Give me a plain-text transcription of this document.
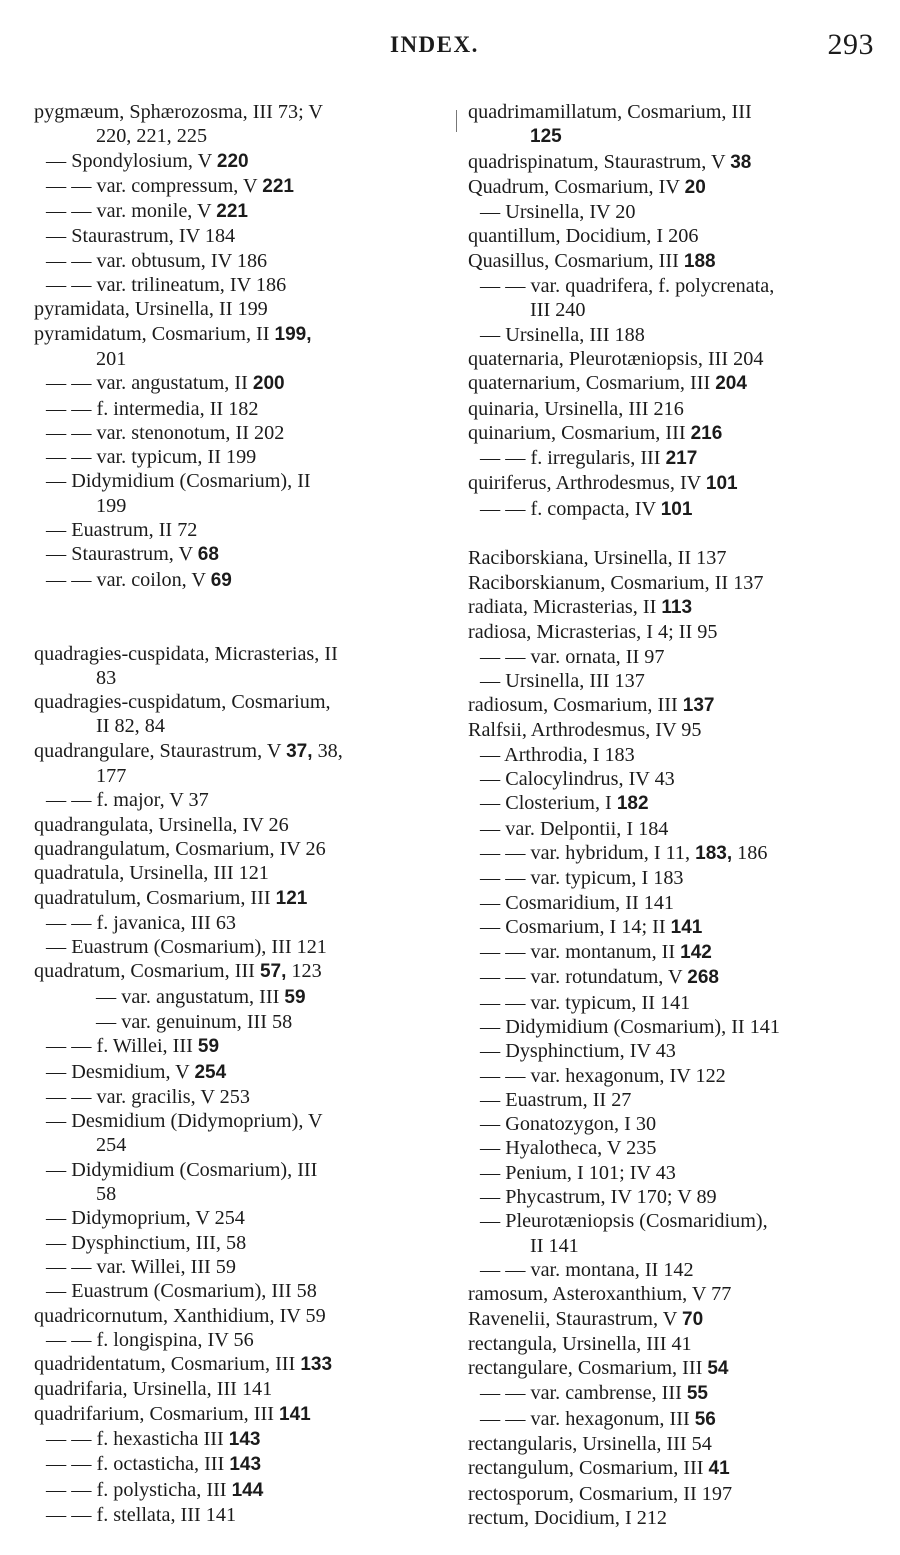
INDEX.	293

pygmæum, Sphærozosma, III 73; V

220, 221, 225

— Spondylosium, V 220

— — var. compressum, V 221

— — var. monile, V 221

— Staurastrum, IV 184

— — var. obtusum, IV 186

— — var. trilineatum, IV 186

pyramidata, Ursinella, II 199

pyramidatum, Cosmarium, II 199,

201

— — var. angustatum, II 200

— — f. intermedia, II 182

— — var. stenonotum, II 202

— — var. typicum, II 199

— Didymidium (Cosmarium), II

199

— Euastrum, II 72

— Staurastrum, V 68

— — var. coilon, V 69

quadragies-cuspidata, Micrasterias, II

83

quadragies-cuspidatum, Cosmarium,

II 82, 84

quadrangulare, Staurastrum, V 37, 38,

177

— — f. major, V 37

quadrangulata, Ursinella, IV 26

quadrangulatum, Cosmarium, IV 26

quadratula, Ursinella, III 121

quadratulum, Cosmarium, III 121

— — f. javanica, III 63

— Euastrum (Cosmarium), III 121

quadratum, Cosmarium, III 57, 123

— var. angustatum, III 59

— var. genuinum, III 58

— — f. Willei, III 59

— Desmidium, V 254

— — var. gracilis, V 253

— Desmidium (Didymoprium), V

254

— Didymidium (Cosmarium), III

58

— Didymoprium, V 254

— Dysphinctium, III, 58

— — var. Willei, III 59

— Euastrum (Cosmarium), III 58

quadricornutum, Xanthidium, IV 59

— — f. longispina, IV 56

quadridentatum, Cosmarium, III 133

quadrifaria, Ursinella, III 141

quadrifarium, Cosmarium, III 141

— — f. hexasticha III 143

— — f. octasticha, III 143

— — f. polysticha, III 144

— — f. stellata, III 141

quadrimamillatum, Cosmarium, III

125

quadrispinatum, Staurastrum, V 38

Quadrum, Cosmarium, IV 20

— Ursinella, IV 20

quantillum, Docidium, I 206

Quasillus, Cosmarium, III 188

— — var. quadrifera, f. polycrenata,

III 240

— Ursinella, III 188

quaternaria, Pleurotæniopsis, III 204

quaternarium, Cosmarium, III 204

quinaria, Ursinella, III 216

quinarium, Cosmarium, III 216

— — f. irregularis, III 217

quiriferus, Arthrodesmus, IV 101

— — f. compacta, IV 101

Raciborskiana, Ursinella, II 137

Raciborskianum, Cosmarium, II 137

radiata, Micrasterias, II 113

radiosa, Micrasterias, I 4; II 95

— — var. ornata, II 97

— Ursinella, III 137

radiosum, Cosmarium, III 137

Ralfsii, Arthrodesmus, IV 95

— Arthrodia, I 183

— Calocylindrus, IV 43

— Closterium, I 182

— var. Delpontii, I 184

— — var. hybridum, I 11, 183, 186

— — var. typicum, I 183

— Cosmaridium, II 141

— Cosmarium, I 14; II 141

— — var. montanum, II 142

— — var. rotundatum, V 268

— — var. typicum, II 141

— Didymidium (Cosmarium), II 141

— Dysphinctium, IV 43

— — var. hexagonum, IV 122

— Euastrum, II 27

— Gonatozygon, I 30

— Hyalotheca, V 235

— Penium, I 101; IV 43

— Phycastrum, IV 170; V 89

— Pleurotæniopsis (Cosmaridium),

II 141

— — var. montana, II 142

ramosum, Asteroxanthium, V 77

Ravenelii, Staurastrum, V 70

rectangula, Ursinella, III 41

rectangulare, Cosmarium, III 54

— — var. cambrense, III 55

— — var. hexagonum, III 56

rectangularis, Ursinella, III 54

rectangulum, Cosmarium, III 41

rectosporum, Cosmarium, II 197

rectum, Docidium, I 212
